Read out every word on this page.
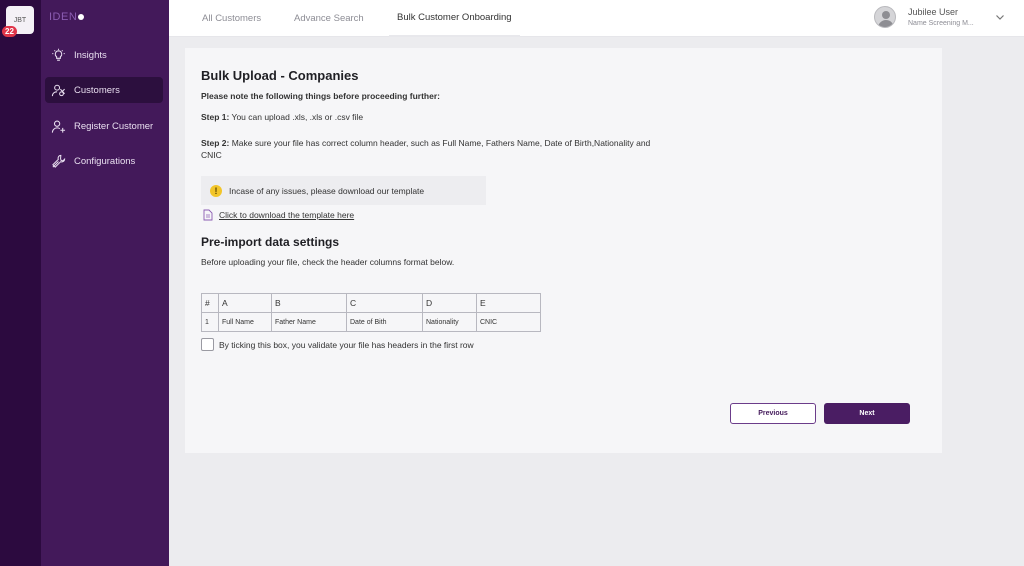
JBT
22
IDEN
Insights
Customers
Register Customer
Configurations
All Customers	Advance Search	Bulk Customer Onboarding	Jubilee User
Name Screening M...
Bulk Upload - Companies
Please note the following things before proceeding further:
Step 1: You can upload .xls, .xls or .csv file
Step 2: Make sure your file has correct column header, such as Full Name, Fathers Name, Date of Birth,Nationality and CNIC
!	Incase of any issues, please download our template
Click to download the template here
Pre-import data settings
Before uploading your file, check the header columns format below.
#	A	B	C	D	E
1	Full Name	Father Name	Date of Bith	Nationality	CNIC
By ticking this box, you validate your file has headers in the first row
Previous	Next
